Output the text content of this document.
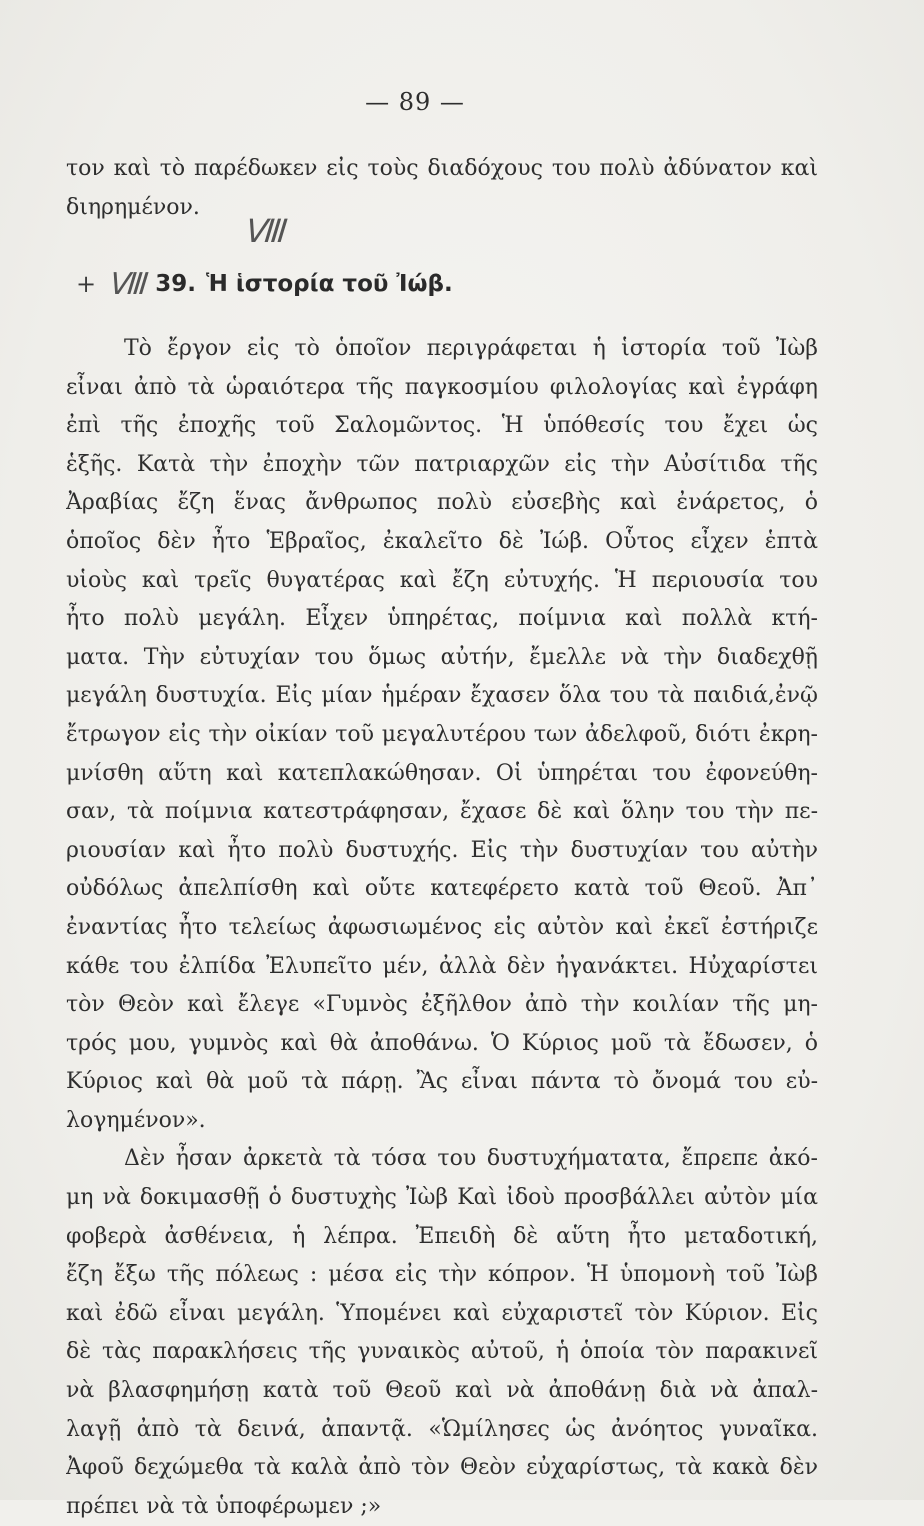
— 89 —
τον καὶ τὸ παρέδωκεν εἰς τοὺς διαδόχους του πολὺ ἀδύνατον καὶ
διηρημένον.
VIII
+ VIII 39. Ἡ ἱστορία τοῦ Ἰώβ.
Τὸ ἔργον εἰς τὸ ὁποῖον περιγράφεται ἡ ἱστορία τοῦ Ἰὼβ
εἶναι ἀπὸ τὰ ὡραιότερα τῆς παγκοσμίου φιλολογίας καὶ ἐγράφη
ἐπὶ τῆς ἐποχῆς τοῦ Σαλομῶντος. Ἡ ὑπόθεσίς του ἔχει ὡς
ἑξῆς. Κατὰ τὴν ἐποχὴν τῶν πατριαρχῶν εἰς τὴν Αὐσίτιδα τῆς
Ἀραβίας ἔζη ἕνας ἄνθρωπος πολὺ εὐσεβὴς καὶ ἐνάρετος, ὁ
ὁποῖος δὲν ἦτο Ἑβραῖος, ἐκαλεῖτο δὲ Ἰώβ. Οὗτος εἶχεν ἑπτὰ
υἱοὺς καὶ τρεῖς θυγατέρας καὶ ἔζη εὐτυχής. Ἡ περιουσία του
ἦτο πολὺ μεγάλη. Εἶχεν ὑπηρέτας, ποίμνια καὶ πολλὰ κτή-
ματα. Τὴν εὐτυχίαν του ὅμως αὐτήν, ἔμελλε νὰ τὴν διαδεχθῇ
μεγάλη δυστυχία. Εἰς μίαν ἡμέραν ἔχασεν ὅλα του τὰ παιδιά,ἐνῷ
ἔτρωγον εἰς τὴν οἰκίαν τοῦ μεγαλυτέρου των ἀδελφοῦ, διότι ἐκρη-
μνίσθη αὕτη καὶ κατεπλακώθησαν. Οἱ ὑπηρέται του ἐφονεύθη-
σαν, τὰ ποίμνια κατεστράφησαν, ἔχασε δὲ καὶ ὅλην του τὴν πε-
ριουσίαν καὶ ἦτο πολὺ δυστυχής. Εἰς τὴν δυστυχίαν του αὐτὴν
οὐδόλως ἀπελπίσθη καὶ οὔτε κατεφέρετο κατὰ τοῦ Θεοῦ. Ἀπ᾿
ἐναντίας ἦτο τελείως ἀφωσιωμένος εἰς αὐτὸν καὶ ἐκεῖ ἐστήριζε
κάθε του ἐλπίδα Ἐλυπεῖτο μέν, ἀλλὰ δὲν ἠγανάκτει. Ηὐχαρίστει
τὸν Θεὸν καὶ ἔλεγε «Γυμνὸς ἐξῆλθον ἀπὸ τὴν κοιλίαν τῆς μη-
τρός μου, γυμνὸς καὶ θὰ ἀποθάνω. Ὁ Κύριος μοῦ τὰ ἔδωσεν, ὁ
Κύριος καὶ θὰ μοῦ τὰ πάρῃ. Ἂς εἶναι πάντα τὸ ὄνομά του εὐ-
λογημένον».
Δὲν ἦσαν ἀρκετὰ τὰ τόσα του δυστυχήματατα, ἔπρεπε ἀκό-
μη νὰ δοκιμασθῇ ὁ δυστυχὴς Ἰὼβ Καὶ ἰδοὺ προσβάλλει αὐτὸν μία
φοβερὰ ἀσθένεια, ἡ λέπρα. Ἐπειδὴ δὲ αὕτη ἦτο μεταδοτική,
ἔζη ἔξω τῆς πόλεως : μέσα εἰς τὴν κόπρον. Ἡ ὑπομονὴ τοῦ Ἰὼβ
καὶ ἐδῶ εἶναι μεγάλη. Ὑπομένει καὶ εὐχαριστεῖ τὸν Κύριον. Εἰς
δὲ τὰς παρακλήσεις τῆς γυναικὸς αὐτοῦ, ἡ ὁποία τὸν παρακινεῖ
νὰ βλασφημήσῃ κατὰ τοῦ Θεοῦ καὶ νὰ ἀποθάνῃ διὰ νὰ ἀπαλ-
λαγῇ ἀπὸ τὰ δεινά, ἀπαντᾷ. «Ὡμίλησες ὡς ἀνόητος γυναῖκα.
Ἀφοῦ δεχώμεθα τὰ καλὰ ἀπὸ τὸν Θεὸν εὐχαρίστως, τὰ κακὰ δὲν
πρέπει νὰ τὰ ὑποφέρωμεν ;»
